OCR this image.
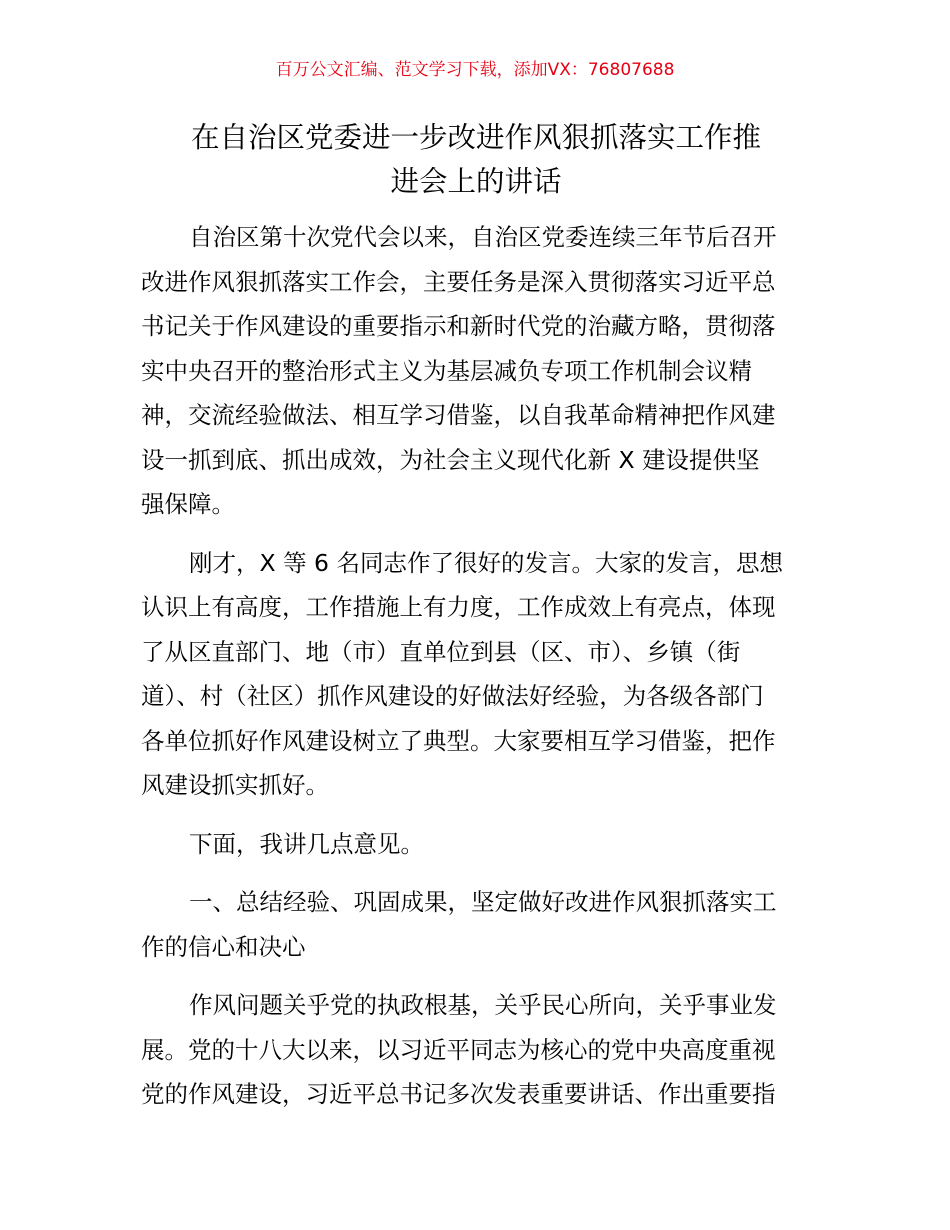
百万公文汇编、范文学习下载，添加VX：76807688
在自治区党委进一步改进作风狠抓落实工作推
进会上的讲话

自治区第十次党代会以来，自治区党委连续三年节后召开
改进作风狠抓落实工作会，主要任务是深入贯彻落实习近平总
书记关于作风建设的重要指示和新时代党的治藏方略，贯彻落
实中央召开的整治形式主义为基层减负专项工作机制会议精
神，交流经验做法、相互学习借鉴，以自我革命精神把作风建
设一抓到底、抓出成效，为社会主义现代化新 X 建设提供坚
强保障。

刚才，X 等 6 名同志作了很好的发言。大家的发言，思想
认识上有高度，工作措施上有力度，工作成效上有亮点，体现
了从区直部门、地（市）直单位到县（区、市）、乡镇（街
道）、村（社区）抓作风建设的好做法好经验，为各级各部门
各单位抓好作风建设树立了典型。大家要相互学习借鉴，把作
风建设抓实抓好。

下面，我讲几点意见。

一、总结经验、巩固成果，坚定做好改进作风狠抓落实工
作的信心和决心

作风问题关乎党的执政根基，关乎民心所向，关乎事业发
展。党的十八大以来，以习近平同志为核心的党中央高度重视
党的作风建设，习近平总书记多次发表重要讲话、作出重要指
